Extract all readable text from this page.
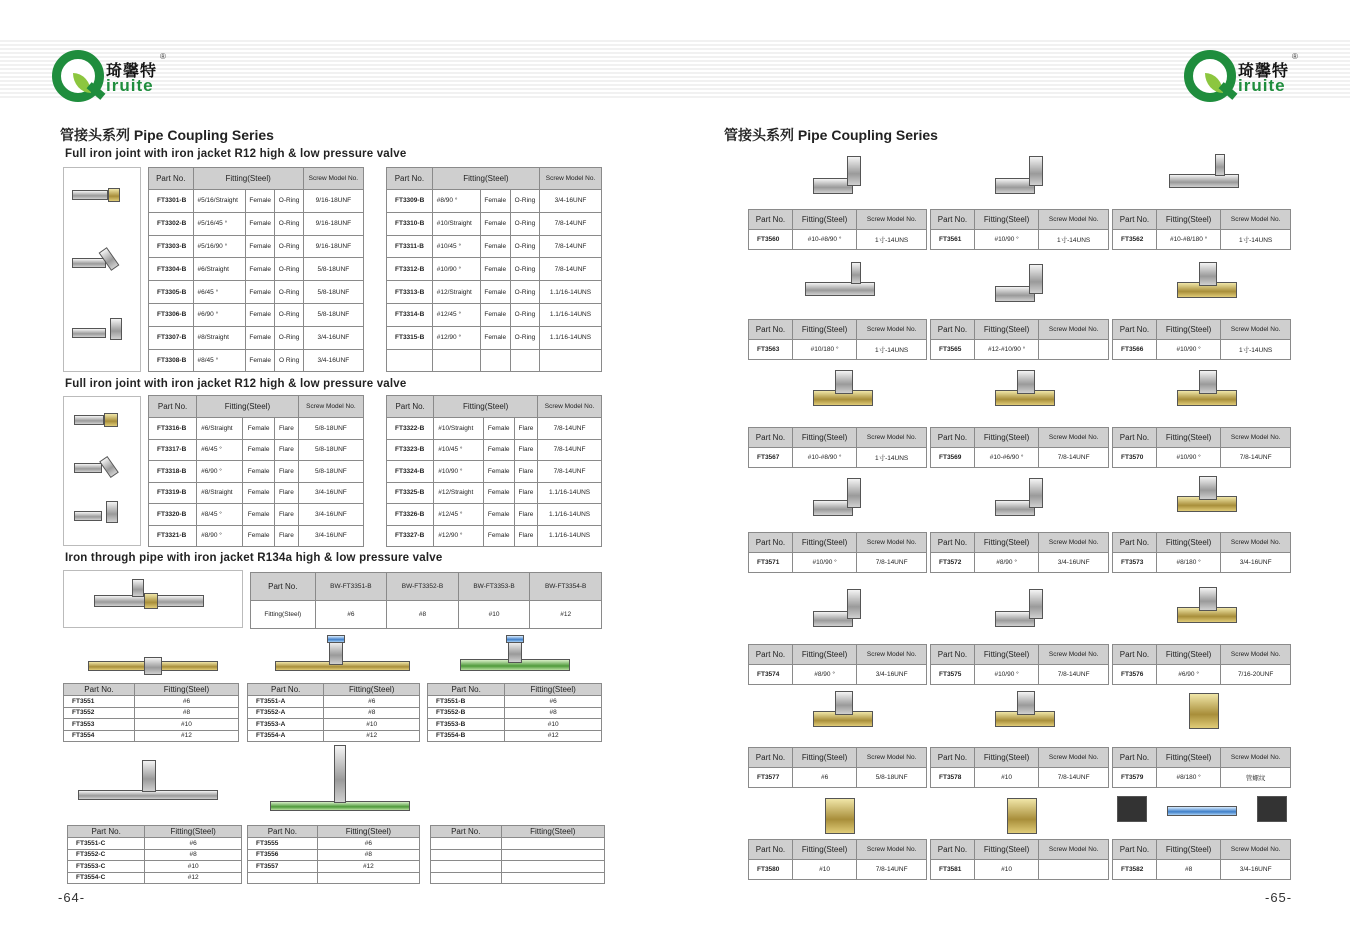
琦馨特
iruite
®
琦馨特
iruite
®
管接头系列 Pipe Coupling Series
Full iron joint with iron jacket R12 high & low pressure valve
Part No.	Fitting(Steel)			Screw Model No.
FT3301-B	#5/16/Straight	Female	O-Ring	9/16-18UNF
FT3302-B	#5/16/45 °	Female	O-Ring	9/16-18UNF
FT3303-B	#5/16/90 °	Female	O-Ring	9/16-18UNF
FT3304-B	#6/Straight	Female	O-Ring	5/8-18UNF
FT3305-B	#6/45 °	Female	O-Ring	5/8-18UNF
FT3306-B	#6/90 °	Female	O-Ring	5/8-18UNF
FT3307-B	#8/Straight	Female	O-Ring	3/4-16UNF
FT3308-B	#8/45 °	Female	O Ring	3/4-16UNF
Part No.	Fitting(Steel)			Screw Model No.
FT3309-B	#8/90 °	Female	O-Ring	3/4-16UNF
FT3310-B	#10/Straight	Female	O-Ring	7/8-14UNF
FT3311-B	#10/45 °	Female	O-Ring	7/8-14UNF
FT3312-B	#10/90 °	Female	O-Ring	7/8-14UNF
FT3313-B	#12/Straight	Female	O-Ring	1.1/16-14UNS
FT3314-B	#12/45 °	Female	O-Ring	1.1/16-14UNS
FT3315-B	#12/90 °	Female	O-Ring	1.1/16-14UNS

Full iron joint with iron jacket R12 high & low pressure valve
Part No.	Fitting(Steel)			Screw Model No.
FT3316-B	#6/Straight	Female	Flare	5/8-18UNF
FT3317-B	#6/45 °	Female	Flare	5/8-18UNF
FT3318-B	#6/90 °	Female	Flare	5/8-18UNF
FT3319-B	#8/Straight	Female	Flare	3/4-16UNF
FT3320-B	#8/45 °	Female	Flare	3/4-16UNF
FT3321-B	#8/90 °	Female	Flare	3/4-16UNF
Part No.	Fitting(Steel)			Screw Model No.
FT3322-B	#10/Straight	Female	Flare	7/8-14UNF
FT3323-B	#10/45 °	Female	Flare	7/8-14UNF
FT3324-B	#10/90 °	Female	Flare	7/8-14UNF
FT3325-B	#12/Straight	Female	Flare	1.1/16-14UNS
FT3326-B	#12/45 °	Female	Flare	1.1/16-14UNS
FT3327-B	#12/90 °	Female	Flare	1.1/16-14UNS
Iron through pipe with iron jacket R134a high & low pressure valve
Part No.	BW-FT3351-B	BW-FT3352-B	BW-FT3353-B	BW-FT3354-B
Fitting(Steel)	#6	#8	#10	#12
Part No.	Fitting(Steel)
FT3551	#6
FT3552	#8
FT3553	#10
FT3554	#12
Part No.	Fitting(Steel)
FT3551-A	#6
FT3552-A	#8
FT3553-A	#10
FT3554-A	#12
Part No.	Fitting(Steel)
FT3551-B	#6
FT3552-B	#8
FT3553-B	#10
FT3554-B	#12
Part No.	Fitting(Steel)
FT3551-C	#6
FT3552-C	#8
FT3553-C	#10
FT3554-C	#12
Part No.	Fitting(Steel)
FT3555	#6
FT3556	#8
FT3557	#12

Part No.	Fitting(Steel)

-64-
管接头系列 Pipe Coupling Series
Part No.	Fitting(Steel)	Screw Model No.
FT3560	#10-#8/90 °	1寸-14UNS
Part No.	Fitting(Steel)	Screw Model No.
FT3561	#10/90 °	1寸-14UNS
Part No.	Fitting(Steel)	Screw Model No.
FT3562	#10-#8/180 °	1寸-14UNS
Part No.	Fitting(Steel)	Screw Model No.
FT3563	#10/180 °	1寸-14UNS
Part No.	Fitting(Steel)	Screw Model No.
FT3565	#12-#10/90 °	
Part No.	Fitting(Steel)	Screw Model No.
FT3566	#10/90 °	1寸-14UNS
Part No.	Fitting(Steel)	Screw Model No.
FT3567	#10-#8/90 °	1寸-14UNS
Part No.	Fitting(Steel)	Screw Model No.
FT3569	#10-#6/90 °	7/8-14UNF
Part No.	Fitting(Steel)	Screw Model No.
FT3570	#10/90 °	7/8-14UNF
Part No.	Fitting(Steel)	Screw Model No.
FT3571	#10/90 °	7/8-14UNF
Part No.	Fitting(Steel)	Screw Model No.
FT3572	#8/90 °	3/4-16UNF
Part No.	Fitting(Steel)	Screw Model No.
FT3573	#8/180 °	3/4-16UNF
Part No.	Fitting(Steel)	Screw Model No.
FT3574	#8/90 °	3/4-16UNF
Part No.	Fitting(Steel)	Screw Model No.
FT3575	#10/90 °	7/8-14UNF
Part No.	Fitting(Steel)	Screw Model No.
FT3576	#6/90 °	7/16-20UNF
Part No.	Fitting(Steel)	Screw Model No.
FT3577	#6	5/8-18UNF
Part No.	Fitting(Steel)	Screw Model No.
FT3578	#10	7/8-14UNF
Part No.	Fitting(Steel)	Screw Model No.
FT3579	#8/180 °	管螺纹
Part No.	Fitting(Steel)	Screw Model No.
FT3580	#10	7/8-14UNF
Part No.	Fitting(Steel)	Screw Model No.
FT3581	#10	
Part No.	Fitting(Steel)	Screw Model No.
FT3582	#8	3/4-16UNF
-65-
